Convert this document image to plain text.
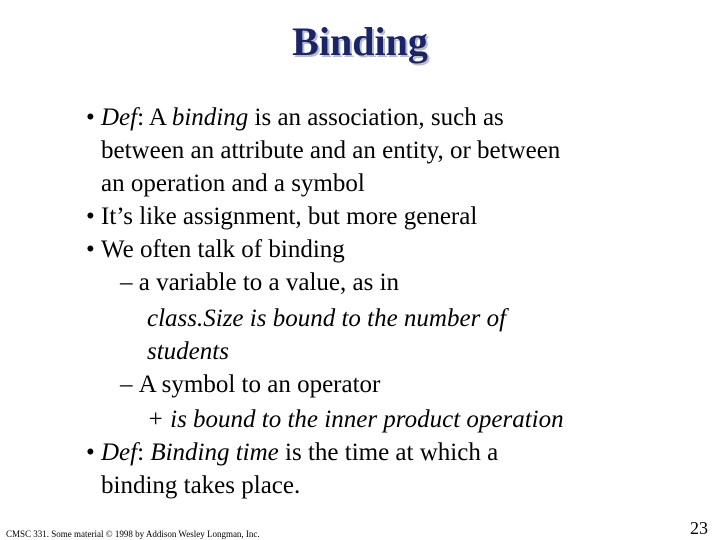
Binding
• Def: A binding is an association, such as
between an attribute and an entity, or between
an operation and a symbol
• It’s like assignment, but more general
• We often talk of binding
– a variable to a value, as in
class.Size is bound to the number of
students
– A symbol to an operator
+ is bound to the inner product operation
• Def: Binding time is the time at which a
binding takes place.
CMSC 331. Some material © 1998 by Addison Wesley Longman, Inc.	23
